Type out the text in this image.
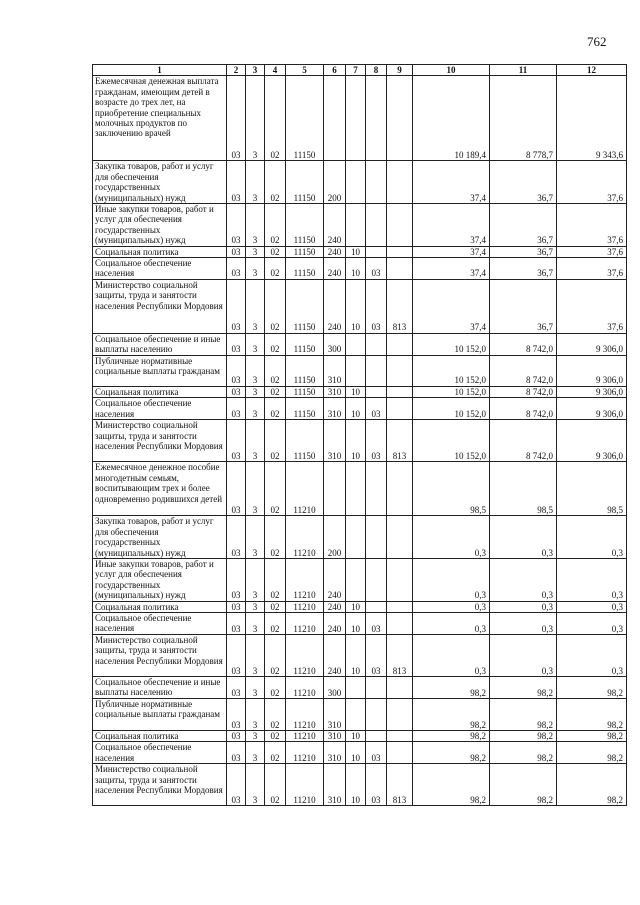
762
1	2	3	4	5	6	7	8	9	10	11	12
Ежемесячная денежная выплата гражданам, имеющим детей в возрасте до трех лет, на приобретение специальных молочных продуктов по заключению врачей	03	3	02	11150					10 189,4	8 778,7	9 343,6
Закупка товаров, работ и услуг для обеспечения государственных (муниципальных) нужд	03	3	02	11150	200				37,4	36,7	37,6
Иные закупки товаров, работ и услуг для обеспечения государственных (муниципальных) нужд	03	3	02	11150	240				37,4	36,7	37,6
Социальная политика	03	3	02	11150	240	10			37,4	36,7	37,6
Социальное обеспечение населения	03	3	02	11150	240	10	03		37,4	36,7	37,6
Министерство социальной защиты, труда и занятости населения Республики Мордовия	03	3	02	11150	240	10	03	813	37,4	36,7	37,6
Социальное обеспечение и иные выплаты населению	03	3	02	11150	300				10 152,0	8 742,0	9 306,0
Публичные нормативные социальные выплаты гражданам	03	3	02	11150	310				10 152,0	8 742,0	9 306,0
Социальная политика	03	3	02	11150	310	10			10 152,0	8 742,0	9 306,0
Социальное обеспечение населения	03	3	02	11150	310	10	03		10 152,0	8 742,0	9 306,0
Министерство социальной защиты, труда и занятости населения Республики Мордовия	03	3	02	11150	310	10	03	813	10 152,0	8 742,0	9 306,0
Ежемесячное денежное пособие многодетным семьям, воспитывающим трех и более одновременно родившихся детей	03	3	02	11210					98,5	98,5	98,5
Закупка товаров, работ и услуг для обеспечения государственных (муниципальных) нужд	03	3	02	11210	200				0,3	0,3	0,3
Иные закупки товаров, работ и услуг для обеспечения государственных (муниципальных) нужд	03	3	02	11210	240				0,3	0,3	0,3
Социальная политика	03	3	02	11210	240	10			0,3	0,3	0,3
Социальное обеспечение населения	03	3	02	11210	240	10	03		0,3	0,3	0,3
Министерство социальной защиты, труда и занятости населения Республики Мордовия	03	3	02	11210	240	10	03	813	0,3	0,3	0,3
Социальное обеспечение и иные выплаты населению	03	3	02	11210	300				98,2	98,2	98,2
Публичные нормативные социальные выплаты гражданам	03	3	02	11210	310				98,2	98,2	98,2
Социальная политика	03	3	02	11210	310	10			98,2	98,2	98,2
Социальное обеспечение населения	03	3	02	11210	310	10	03		98,2	98,2	98,2
Министерство социальной защиты, труда и занятости населения Республики Мордовия	03	3	02	11210	310	10	03	813	98,2	98,2	98,2
